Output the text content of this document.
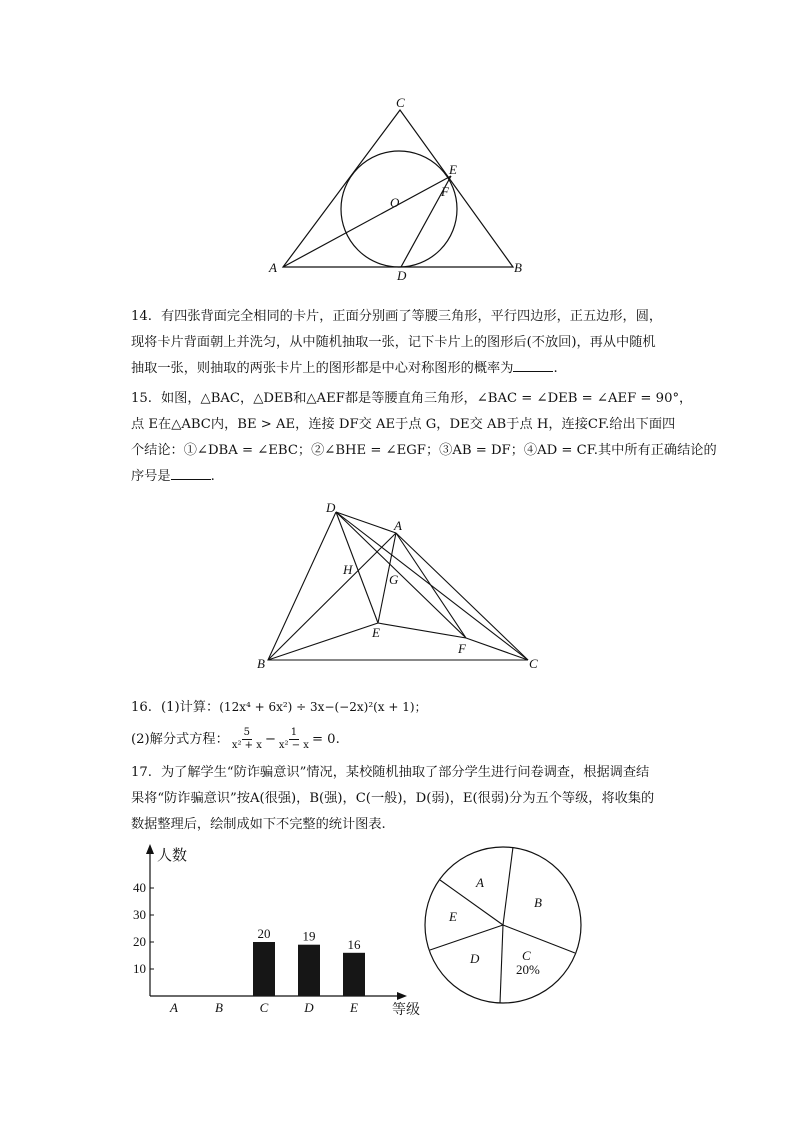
C
A	B
D
E
F
O
14. 有四张背面完全相同的卡片，正面分别画了等腰三角形，平行四边形，正五边形，圆，
现将卡片背面朝上并洗匀，从中随机抽取一张，记下卡片上的图形后(不放回)，再从中随机
抽取一张，则抽取的两张卡片上的图形都是中心对称图形的概率为	.
15. 如图，△BAC，△DEB和△AEF都是等腰直角三角形，∠BAC = ∠DEB = ∠AEF = 90°，
点 E在△ABC内，BE > AE，连接 DF交 AE于点 G，DE交 AB于点 H，连接CF.给出下面四
个结论：①∠DBA = ∠EBC；②∠BHE = ∠EGF；③AB = DF；④AD = CF.其中所有正确结论的
序号是	.
D
A
H
G
E
F
B	C
16. (1)计算：(12x⁴ + 6x²) ÷ 3x−(−2x)²(x + 1)；
(2)解分式方程： $\frac{5}{\text{x² + x}} - \frac{1}{\text{x² − x}} = 0$.
17. 为了解学生“防诈骗意识”情况，某校随机抽取了部分学生进行问卷调查，根据调查结
果将“防诈骗意识”按A(很强)，B(强)，C(一般)，D(弱)，E(很弱)分为五个等级，将收集的
数据整理后，绘制成如下不完整的统计图表.
人数
等级
10
20
30
40
20 19
16
A	B	C	D	E
A
B
C
20%
D
E
